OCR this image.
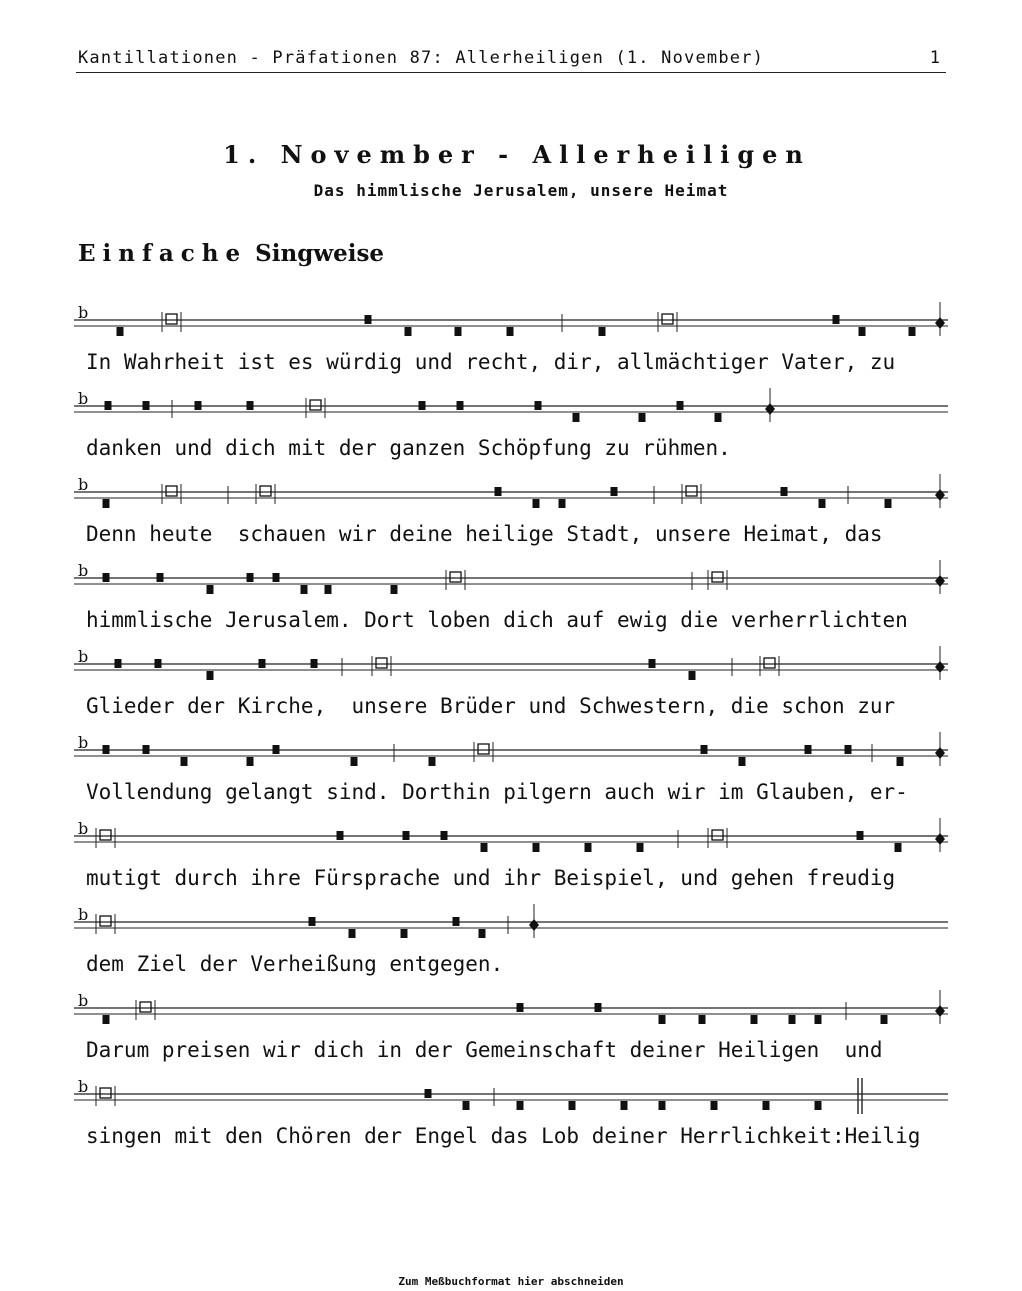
Kantillationen - Präfationen 87: Allerheiligen (1. November)	1
1. November - Allerheiligen
Das himmlische Jerusalem, unsere Heimat
Einfache Singweise
b
In Wahrheit ist es würdig und recht, dir, allmächtiger Vater, zu
b
danken und dich mit der ganzen Schöpfung zu rühmen.
b
Denn heute  schauen wir deine heilige Stadt, unsere Heimat, das
b
himmlische Jerusalem. Dort loben dich auf ewig die verherrlichten
b
Glieder der Kirche,  unsere Brüder und Schwestern, die schon zur
b
Vollendung gelangt sind. Dorthin pilgern auch wir im Glauben, er-
b
mutigt durch ihre Fürsprache und ihr Beispiel, und gehen freudig
b
dem Ziel der Verheißung entgegen.
b
Darum preisen wir dich in der Gemeinschaft deiner Heiligen  und
b
singen mit den Chören der Engel das Lob deiner Herrlichkeit:Heilig
Zum Meßbuchformat hier abschneiden
